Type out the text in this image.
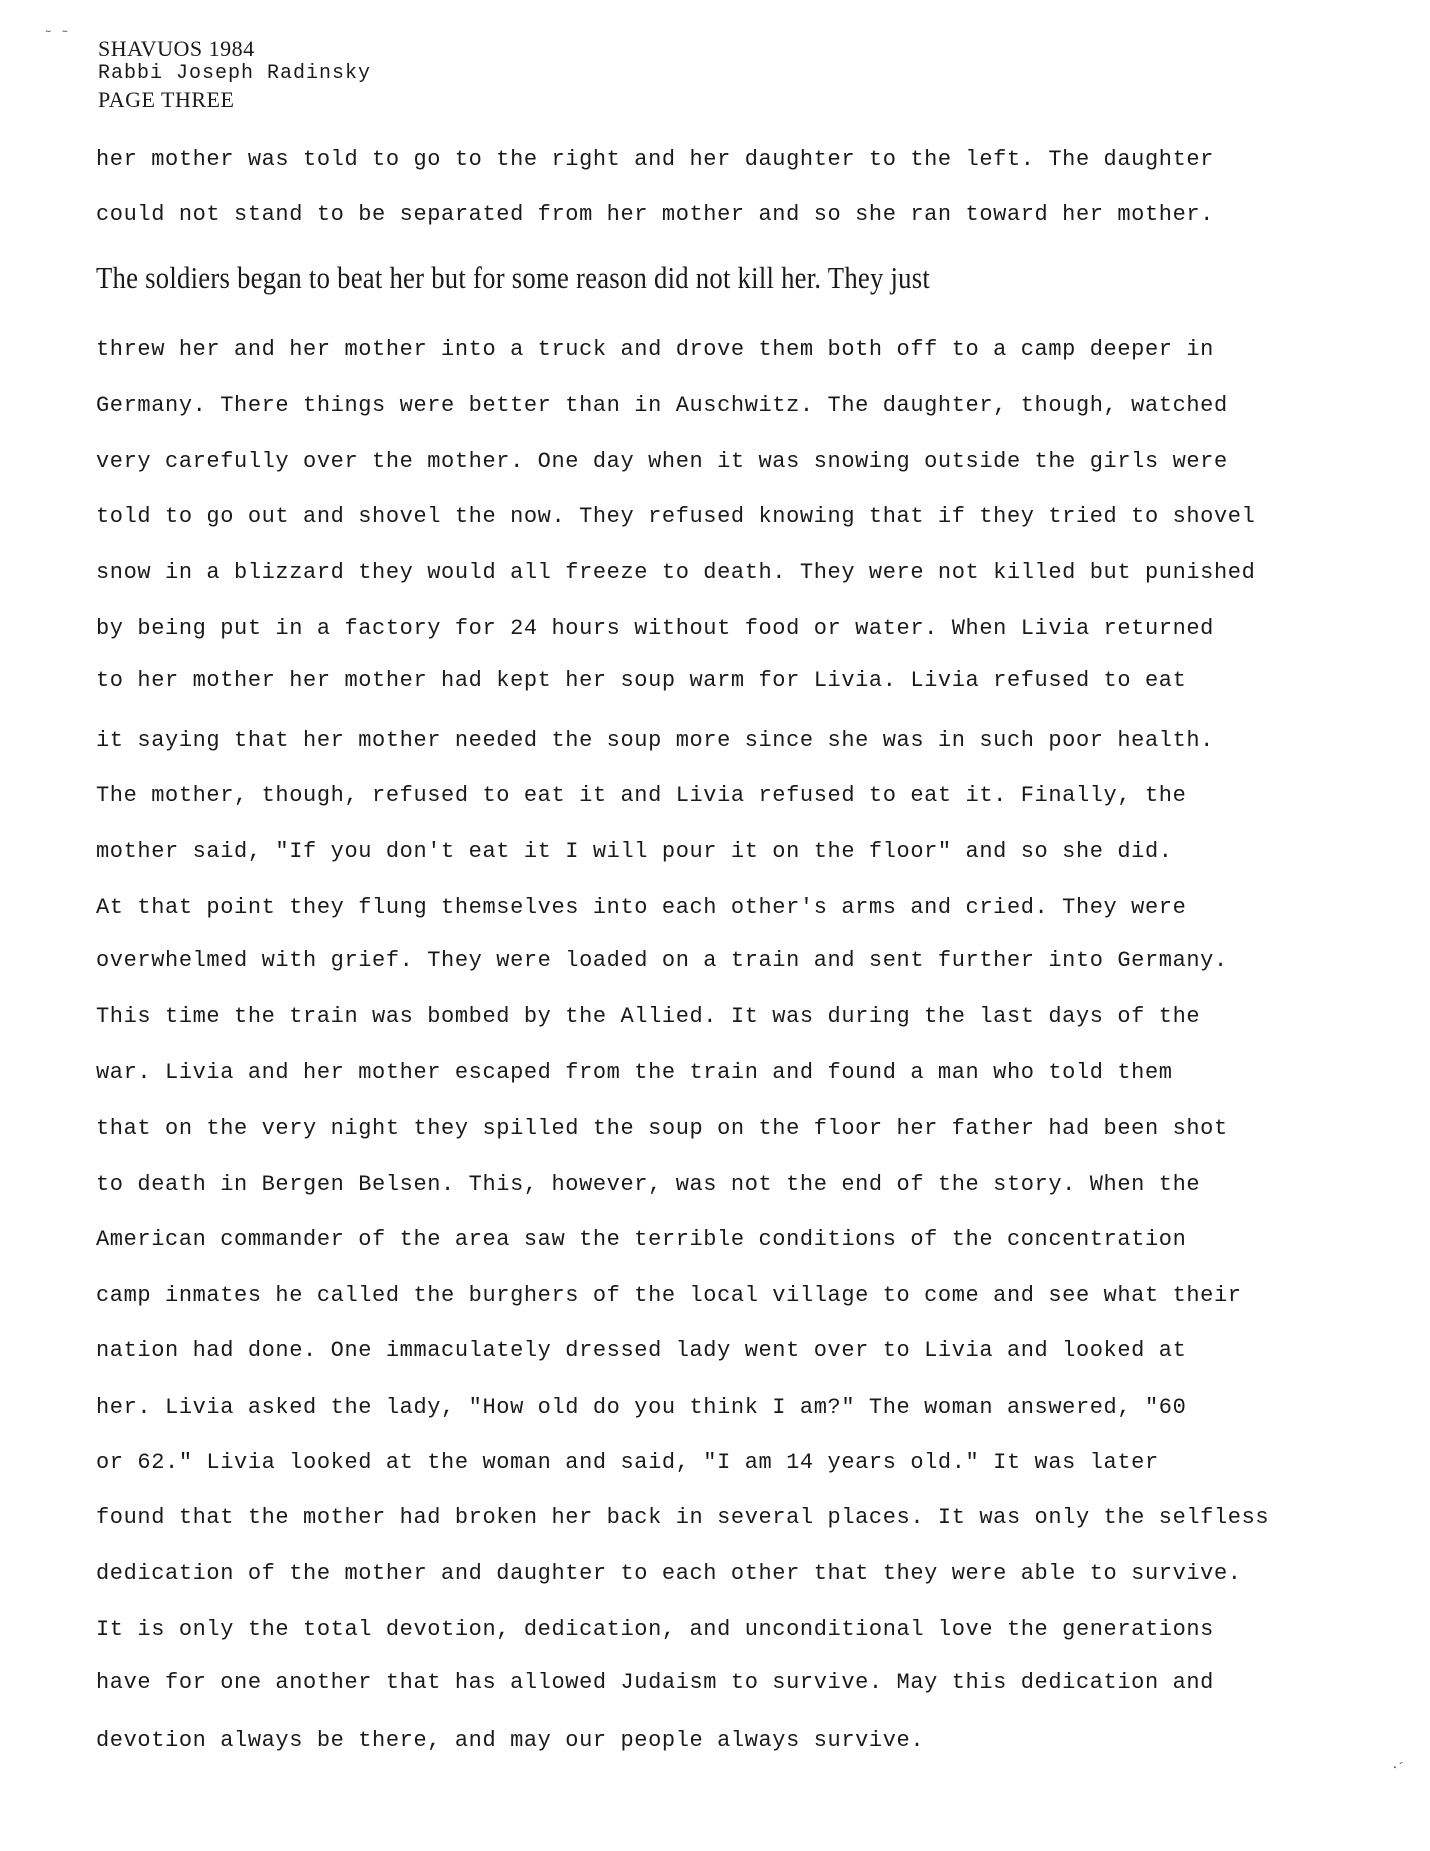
˜ ˜ SHAVUOS 1984
Rabbi Joseph Radinsky
PAGE THREE
her mother was told to go to the right and her daughter to the left. The daughter
could not stand to be separated from her mother and so she ran toward her mother.
The soldiers began to beat her but for some reason did not kill her. They just
threw her and her mother into a truck and drove them both off to a camp deeper in
Germany. There things were better than in Auschwitz. The daughter, though, watched
very carefully over the mother. One day when it was snowing outside the girls were
told to go out and shovel the now. They refused knowing that if they tried to shovel
snow in a blizzard they would all freeze to death. They were not killed but punished
by being put in a factory for 24 hours without food or water. When Livia returned
to her mother her mother had kept her soup warm for Livia. Livia refused to eat
it saying that her mother needed the soup more since she was in such poor health.
The mother, though, refused to eat it and Livia refused to eat it. Finally, the
mother said, "If you don't eat it I will pour it on the floor" and so she did.
At that point they flung themselves into each other's arms and cried. They were
overwhelmed with grief. They were loaded on a train and sent further into Germany.
This time the train was bombed by the Allied. It was during the last days of the
war. Livia and her mother escaped from the train and found a man who told them
that on the very night they spilled the soup on the floor her father had been shot
to death in Bergen Belsen. This, however, was not the end of the story. When the
American commander of the area saw the terrible conditions of the concentration
camp inmates he called the burghers of the local village to come and see what their
nation had done. One immaculately dressed lady went over to Livia and looked at
her. Livia asked the lady, "How old do you think I am?" The woman answered, "60
or 62." Livia looked at the woman and said, "I am 14 years old." It was later
found that the mother had broken her back in several places. It was only the selfless
dedication of the mother and daughter to each other that they were able to survive.
It is only the total devotion, dedication, and unconditional love the generations
have for one another that has allowed Judaism to survive. May this dedication and
devotion always be there, and may our people always survive.
⸱´
